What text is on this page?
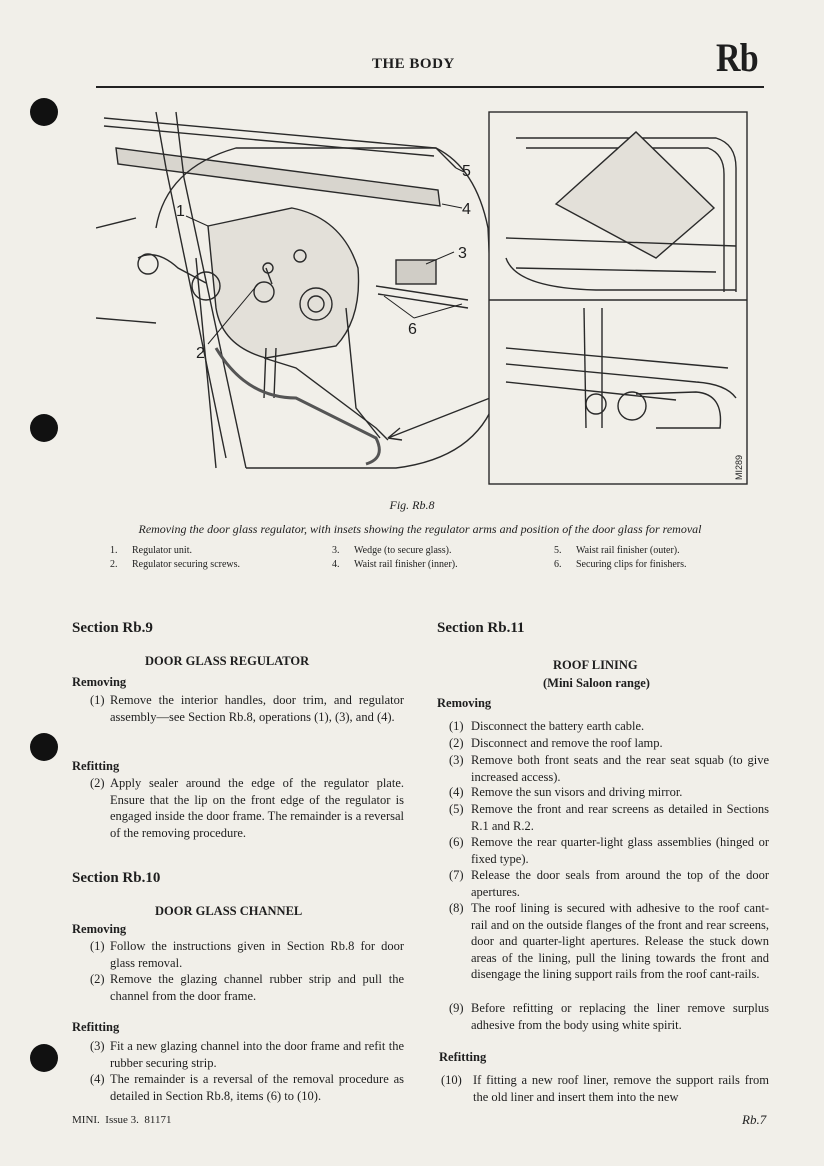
THE BODY	Rb
5
4
3
1
2
6
MI289
Fig. Rb.8
Removing the door glass regulator, with insets showing the regulator arms and position of the door glass for removal
1. Regulator unit.
2. Regulator securing screws.
3. Wedge (to secure glass).
4. Waist rail finisher (inner).
5. Waist rail finisher (outer).
6. Securing clips for finishers.
Section Rb.9
DOOR GLASS REGULATOR
Removing
(1) Remove the interior handles, door trim, and regulator assembly—see Section Rb.8, operations (1), (3), and (4).
Refitting
(2) Apply sealer around the edge of the regulator plate. Ensure that the lip on the front edge of the regulator is engaged inside the door frame. The remainder is a reversal of the removing procedure.
Section Rb.10
DOOR GLASS CHANNEL
Removing
(1) Follow the instructions given in Section Rb.8 for door glass removal.
(2) Remove the glazing channel rubber strip and pull the channel from the door frame.
Refitting
(3) Fit a new glazing channel into the door frame and refit the rubber securing strip.
(4) The remainder is a reversal of the removal procedure as detailed in Section Rb.8, items (6) to (10).
Section Rb.11
ROOF LINING
(Mini Saloon range)
Removing
(1) Disconnect the battery earth cable.
(2) Disconnect and remove the roof lamp.
(3) Remove both front seats and the rear seat squab (to give increased access).
(4) Remove the sun visors and driving mirror.
(5) Remove the front and rear screens as detailed in Sections R.1 and R.2.
(6) Remove the rear quarter-light glass assemblies (hinged or fixed type).
(7) Release the door seals from around the top of the door apertures.
(8) The roof lining is secured with adhesive to the roof cant-rail and on the outside flanges of the front and rear screens, door and quarter-light apertures. Release the stuck down areas of the lining, pull the lining towards the front and disengage the lining support rails from the roof cant-rails.
(9) Before refitting or replacing the liner remove surplus adhesive from the body using white spirit.
Refitting
(10) If fitting a new roof liner, remove the support rails from the old liner and insert them into the new
MINI.  Issue 3.  81171	Rb.7
